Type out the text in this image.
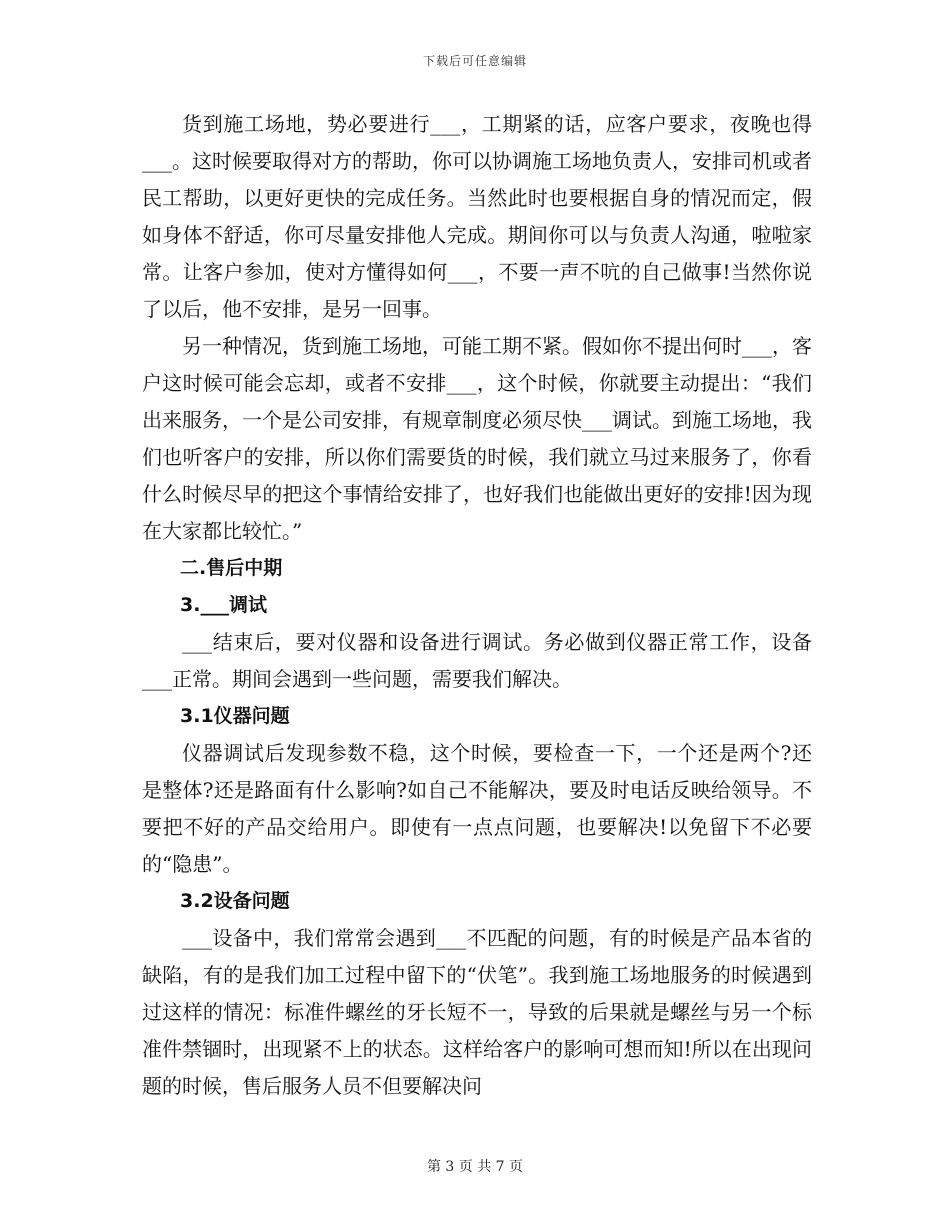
下载后可任意编辑

货到施工场地，势必要进行___，工期紧的话，应客户要求，夜晚也得___。这时候要取得对方的帮助，你可以协调施工场地负责人，安排司机或者民工帮助，以更好更快的完成任务。当然此时也要根据自身的情况而定，假如身体不舒适，你可尽量安排他人完成。期间你可以与负责人沟通，啦啦家常。让客户参加，使对方懂得如何___，不要一声不吭的自己做事!当然你说了以后，他不安排，是另一回事。

另一种情况，货到施工场地，可能工期不紧。假如你不提出何时___，客户这时候可能会忘却，或者不安排___，这个时候，你就要主动提出：“我们出来服务，一个是公司安排，有规章制度必须尽快___调试。到施工场地，我们也听客户的安排，所以你们需要货的时候，我们就立马过来服务了，你看什么时候尽早的把这个事情给安排了，也好我们也能做出更好的安排!因为现在大家都比较忙。”

二.售后中期
3.___调试

___结束后，要对仪器和设备进行调试。务必做到仪器正常工作，设备___正常。期间会遇到一些问题，需要我们解决。

3.1仪器问题

仪器调试后发现参数不稳，这个时候，要检查一下，一个还是两个?还是整体?还是路面有什么影响?如自己不能解决，要及时电话反映给领导。不要把不好的产品交给用户。即使有一点点问题，也要解决!以免留下不必要的“隐患”。

3.2设备问题

___设备中，我们常常会遇到___不匹配的问题，有的时候是产品本省的缺陷，有的是我们加工过程中留下的“伏笔”。我到施工场地服务的时候遇到过这样的情况：标准件螺丝的牙长短不一，导致的后果就是螺丝与另一个标准件禁锢时，出现紧不上的状态。这样给客户的影响可想而知!所以在出现问题的时候，售后服务人员不但要解决问

第 3 页 共 7 页
